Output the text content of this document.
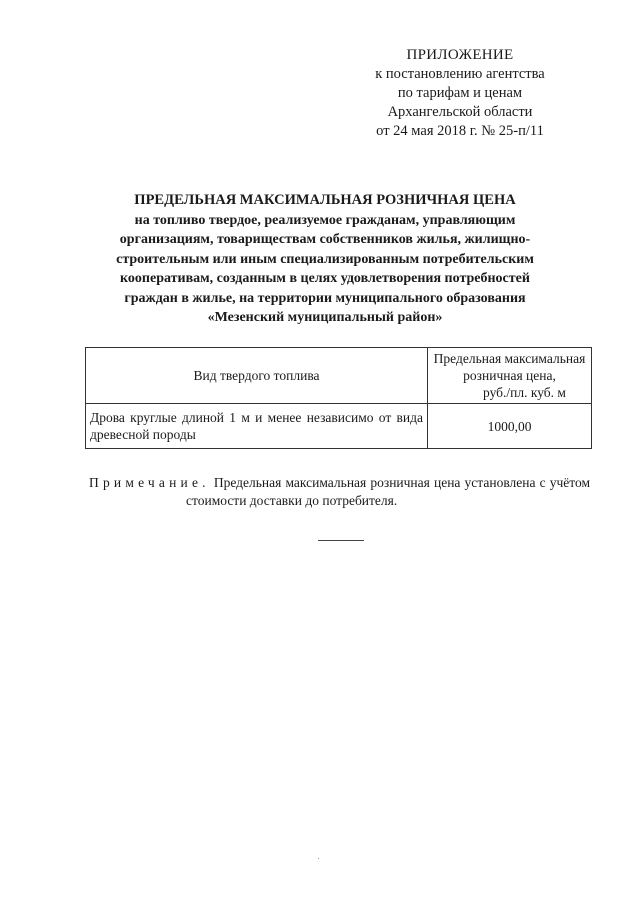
ПРИЛОЖЕНИЕ
к постановлению агентства
по тарифам и ценам
Архангельской области
от 24 мая 2018 г. № 25-п/11
ПРЕДЕЛЬНАЯ МАКСИМАЛЬНАЯ РОЗНИЧНАЯ ЦЕНА
на топливо твердое, реализуемое гражданам, управляющим
организациям, товариществам собственников жилья, жилищно-
строительным или иным специализированным потребительским
кооперативам, созданным в целях удовлетворения потребностей
граждан в жилье, на территории муниципального образования
«Мезенский муниципальный район»
Вид твердого топлива	Предельная максимальная
розничная цена,
руб./пл. куб. м

Дрова круглые длиной 1 м и менее независимо от вида древесной породы	1000,00
Примечание. Предельная максимальная розничная цена установлена с учётом
стоимости доставки до потребителя.
